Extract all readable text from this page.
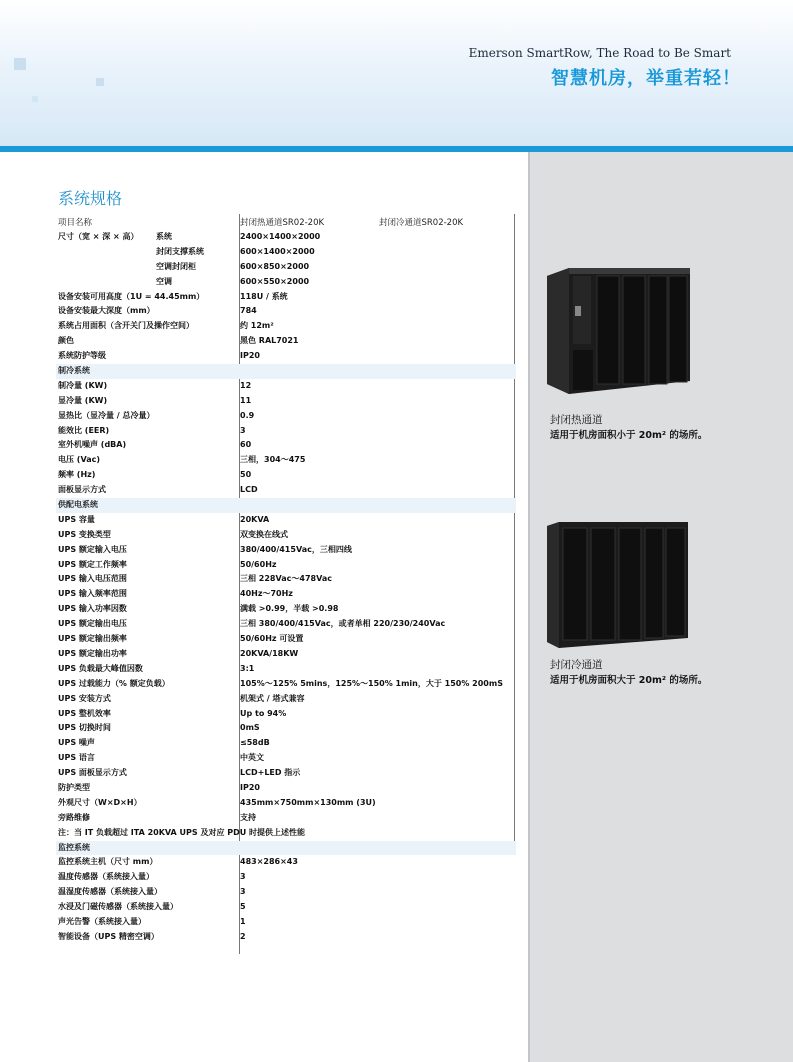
Emerson SmartRow, The Road to Be Smart
智慧机房，举重若轻！
系统规格
项目名称	封闭热通道SR02-20K	封闭冷通道SR02-20K
尺寸（宽 × 深 × 高） 系统	2400×1400×2000
封闭支撑系统	600×1400×2000
空调封闭柜	600×850×2000
空调	600×550×2000
设备安装可用高度（1U = 44.45mm）	118U / 系统
设备安装最大深度（mm）	784
系统占用面积（含开关门及操作空间）	约 12m²
颜色	黑色 RAL7021
系统防护等级	IP20
制冷系统
制冷量 (KW)	12
显冷量 (KW)	11
显热比（显冷量 / 总冷量）	0.9
能效比 (EER)	3
室外机噪声 (dBA)	60
电压 (Vac)	三相，304～475
频率 (Hz)	50
面板显示方式	LCD
供配电系统
UPS 容量	20KVA
UPS 变换类型	双变换在线式
UPS 额定输入电压	380/400/415Vac，三相四线
UPS 额定工作频率	50/60Hz
UPS 输入电压范围	三相 228Vac～478Vac
UPS 输入频率范围	40Hz～70Hz
UPS 输入功率因数	满载 >0.99，半载 >0.98
UPS 额定输出电压	三相 380/400/415Vac，或者单相 220/230/240Vac
UPS 额定输出频率	50/60Hz 可设置
UPS 额定输出功率	20KVA/18KW
UPS 负载最大峰值因数	3:1
UPS 过载能力（% 额定负载）	105%～125% 5mins，125%～150% 1min，大于 150% 200mS
UPS 安装方式	机架式 / 塔式兼容
UPS 整机效率	Up to 94%
UPS 切换时间	0mS
UPS 噪声	≤58dB
UPS 语言	中英文
UPS 面板显示方式	LCD+LED 指示
防护类型	IP20
外观尺寸（W×D×H）	435mm×750mm×130mm (3U)
旁路维修	支持
注：当 IT 负载超过 ITA 20KVA UPS 及对应 PDU 时提供上述性能
监控系统
监控系统主机（尺寸 mm）	483×286×43
温度传感器（系统接入量）	3
温湿度传感器（系统接入量）	3
水浸及门磁传感器（系统接入量）	5
声光告警（系统接入量）	1
智能设备（UPS 精密空调）	2
封闭热通道
适用于机房面积小于 20m² 的场所。
封闭冷通道
适用于机房面积大于 20m² 的场所。
